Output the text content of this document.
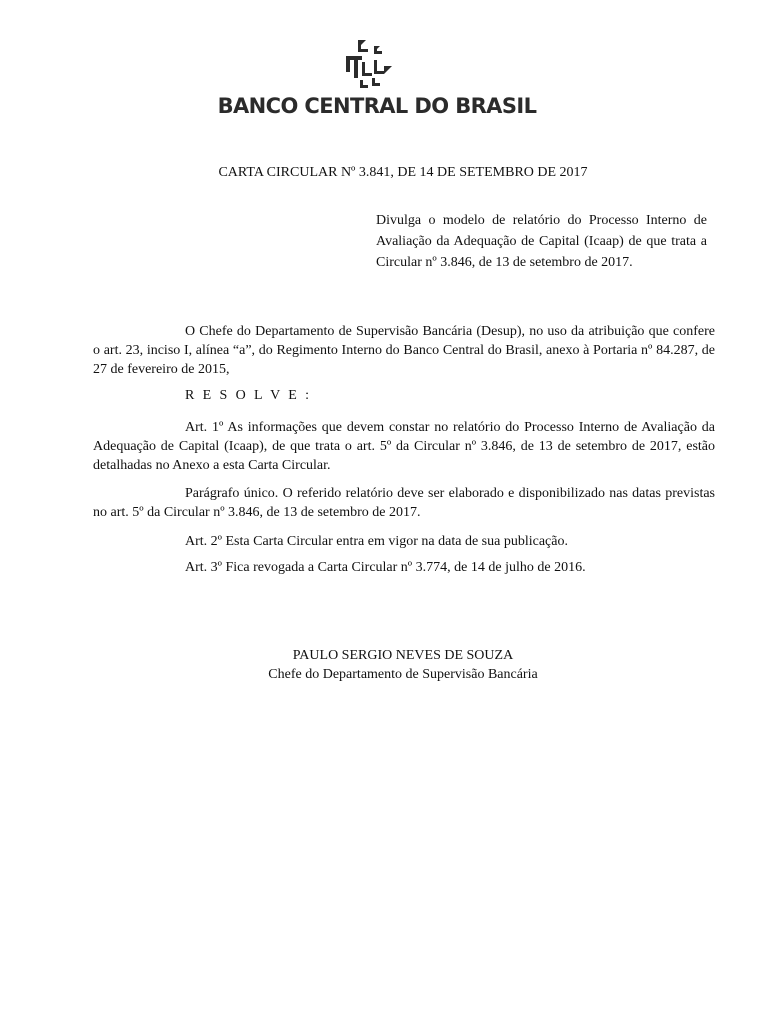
BANCO CENTRAL DO BRASIL
CARTA CIRCULAR Nº 3.841, DE 14 DE SETEMBRO DE 2017
Divulga o modelo de relatório do Processo Interno de Avaliação da Adequação de Capital (Icaap) de que trata a Circular nº 3.846, de 13 de setembro de 2017.

O Chefe do Departamento de Supervisão Bancária (Desup), no uso da atribuição que confere o art. 23, inciso I, alínea “a”, do Regimento Interno do Banco Central do Brasil, anexo à Portaria nº 84.287, de 27 de fevereiro de 2015,

R E S O L V E :

Art. 1º As informações que devem constar no relatório do Processo Interno de Avaliação da Adequação de Capital (Icaap), de que trata o art. 5º da Circular nº 3.846, de 13 de setembro de 2017, estão detalhadas no Anexo a esta Carta Circular.

Parágrafo único. O referido relatório deve ser elaborado e disponibilizado nas datas previstas no art. 5º da Circular nº 3.846, de 13 de setembro de 2017.

Art. 2º Esta Carta Circular entra em vigor na data de sua publicação.

Art. 3º Fica revogada a Carta Circular nº 3.774, de 14 de julho de 2016.

PAULO SERGIO NEVES DE SOUZA
Chefe do Departamento de Supervisão Bancária
